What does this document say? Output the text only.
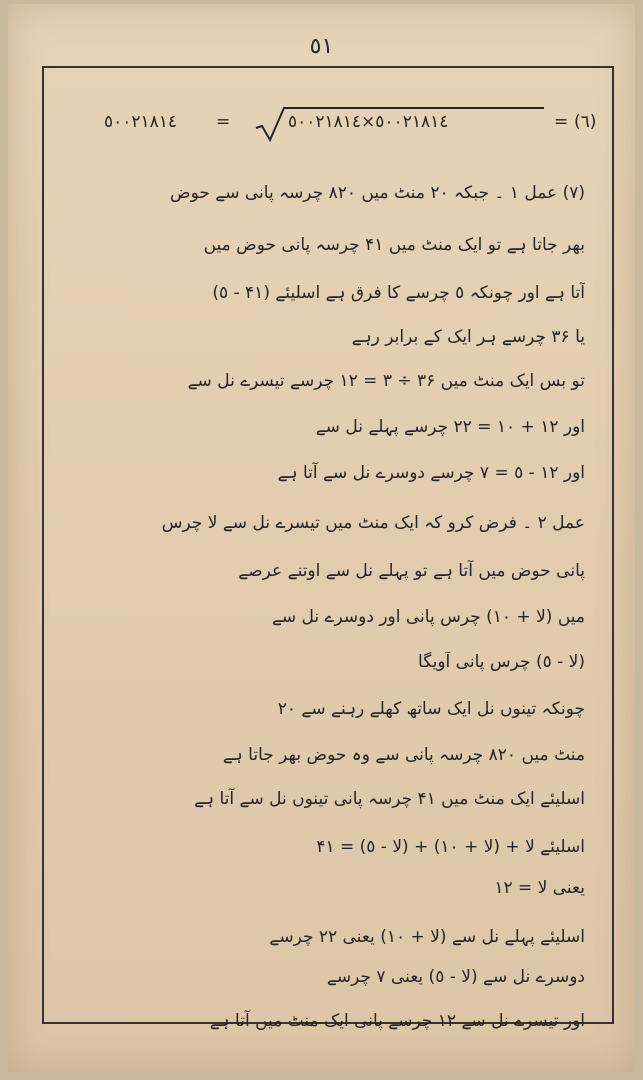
٥١
٥٠٠٢١٨١٤ =	٥٠٠٢١٨١٤×٥٠٠٢١٨١٤	= (٦)
(٧) عمل ۱ ۔ جبکہ ۲۰ منٹ میں ۸۲۰ چرسہ پانی سے حوض
بھر جاتا ہے تو ایک منٹ میں ۴۱ چرسہ پانی حوض میں
آتا ہے اور چونکہ ٥ چرسے کا فرق ہے اسلیئے (۴۱ - ٥)
یا ۳۶ چرسے ہر ایک کے برابر رہے
تو بس ایک منٹ میں ۳۶ ÷ ۳ = ۱۲ چرسے تیسرے نل سے
اور ۱۲ + ۱۰ = ۲۲ چرسے پہلے نل سے
اور ۱۲ - ٥ = ۷ چرسے دوسرے نل سے آتا ہے
عمل ۲ ۔ فرض کرو کہ ایک منٹ میں تیسرے نل سے لا چرس
پانی حوض میں آتا ہے تو پہلے نل سے اوتنے عرصے
میں (لا + ۱۰) چرس پانی اور دوسرے نل سے
(لا - ٥) چرس پانی آویگا
چونکہ تینوں نل ایک ساتھ کھلے رہنے سے ۲۰
منٹ میں ۸۲۰ چرسہ پانی سے وہ حوض بھر جاتا ہے
اسلیئے ایک منٹ میں ۴۱ چرسہ پانی تینوں نل سے آتا ہے
اسلیئے لا + (لا + ۱۰) + (لا - ٥) = ۴۱
یعنی لا = ۱۲
اسلیئے پہلے نل سے (لا + ۱۰) یعنی ۲۲ چرسے
دوسرے نل سے (لا - ٥) یعنی ۷ چرسے
اور تیسرے نل سے ۱۲ چرسے پانی ایک منٹ میں آتا ہے
